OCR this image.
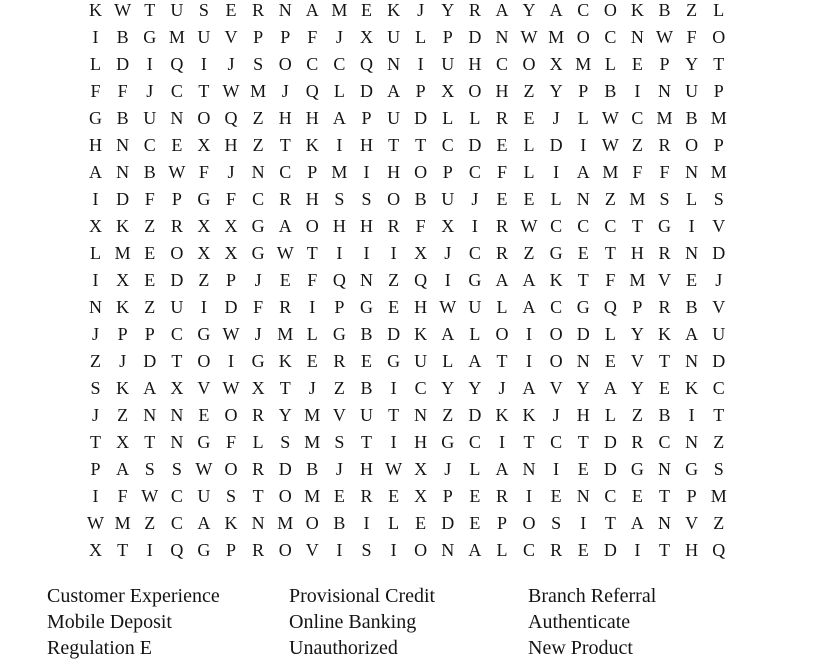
K W T U S E R N A M E K J Y R A Y A C O K B Z L
I	B G M U V P P F	J X U L P D N W M O C N W F O
L D I Q I	J	S O C C Q N I U H C O X M L E P Y T
F F	J C T W M J Q L D A P X O H Z Y P B	I N U P
G B U N O Q Z H H A P U D L L R E	J	L W C M B M
H N C E X H Z T K I H T T C D E L D I W Z R O P
A N B W F	J N C P M I H O P C F L	I A M F F N M
I D F P G F C R H S S O B U J	E E L N Z M S L S
X K Z R X X G A O H H R F X I	R W C C C T G I V
L M E O X X G W T	I	I	I X J C R Z G E T H R N D
I X E D Z P	J	E F Q N Z Q I G A A K T F M V E	J
N K Z U I D F R	I	P G E H W U L A C G Q P R B V
J	P P C G W J M L G B D K A L O I O D L Y K A U
Z	J D T O I G K E R E G U L A T	I O N E V T N D
S K A X V W X T	J	Z B	I	C Y Y J A V Y A Y E K C
J	Z N N E O R Y M V U T N Z D K K J H L Z B	I	T
T X T N G F L S M S T	I H G C	I	T C T D R C N Z
P A S S W O R D B J H W X J	L A N I	E D G N G S
I	F W C U S T O M E R E X P E R	I	E N C E T P M
W M Z C A K N M O B	I	L E D E P O S	I	T A N V Z
X T	I Q G P R O V I	S	I O N A L C R E D I	T H Q
Customer Experience
Mobile Deposit
Regulation E
Provisional Credit
Online Banking
Unauthorized
Branch Referral
Authenticate
New Product
